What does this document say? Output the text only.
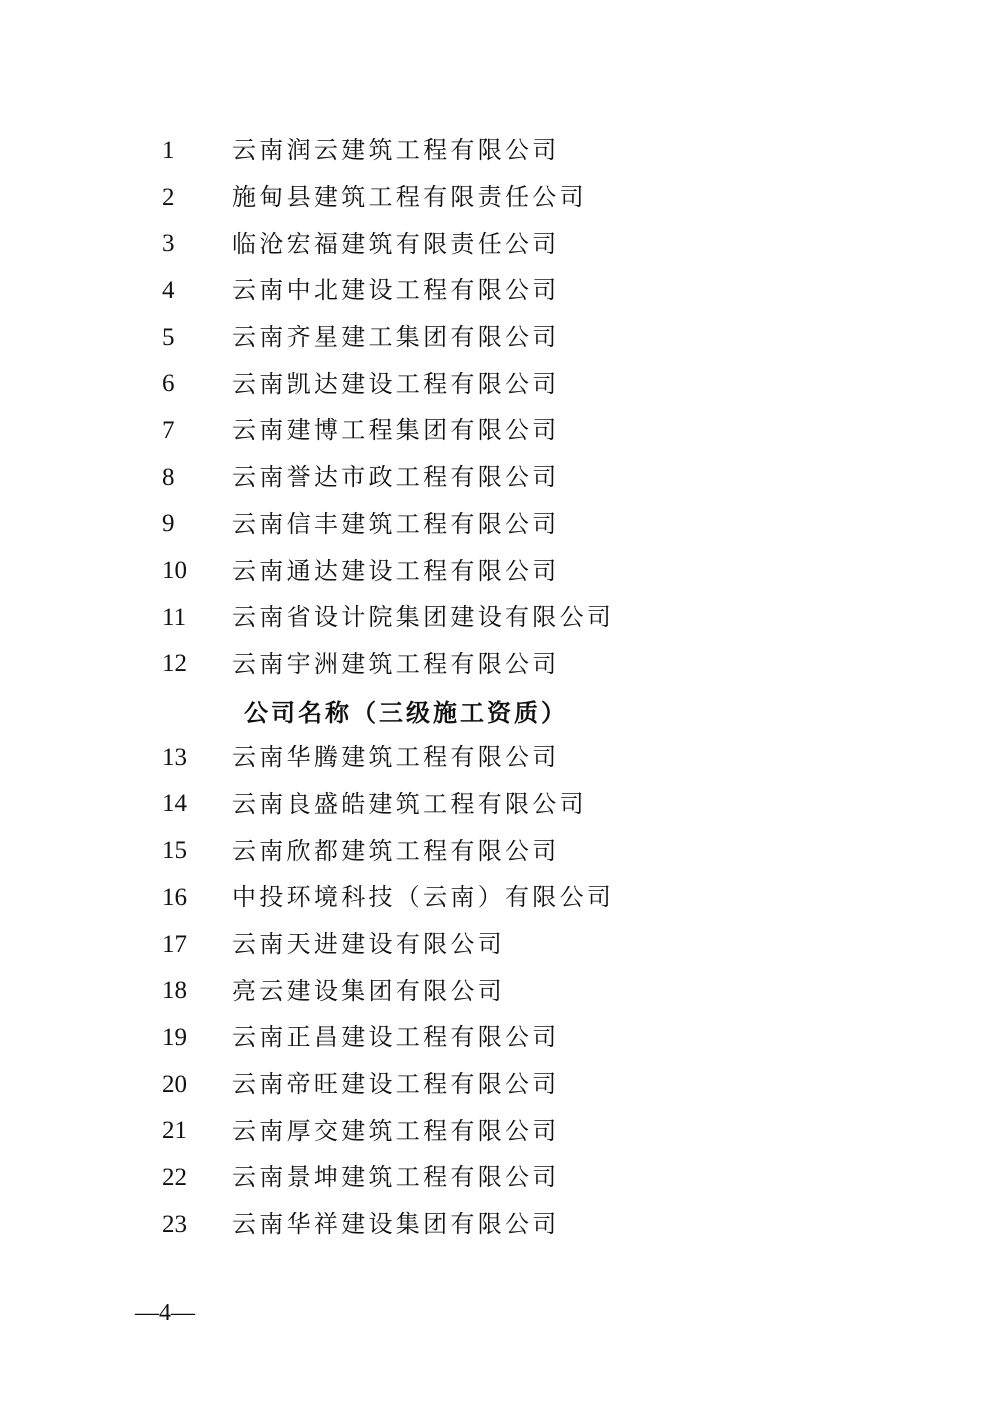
1	云南润云建筑工程有限公司
2	施甸县建筑工程有限责任公司
3	临沧宏福建筑有限责任公司
4	云南中北建设工程有限公司
5	云南齐星建工集团有限公司
6	云南凯达建设工程有限公司
7	云南建博工程集团有限公司
8	云南誉达市政工程有限公司
9	云南信丰建筑工程有限公司
10	云南通达建设工程有限公司
11	云南省设计院集团建设有限公司
12	云南宇洲建筑工程有限公司
公司名称（三级施工资质）
13	云南华腾建筑工程有限公司
14	云南良盛皓建筑工程有限公司
15	云南欣都建筑工程有限公司
16	中投环境科技（云南）有限公司
17	云南天进建设有限公司
18	亮云建设集团有限公司
19	云南正昌建设工程有限公司
20	云南帝旺建设工程有限公司
21	云南厚交建筑工程有限公司
22	云南景坤建筑工程有限公司
23	云南华祥建设集团有限公司
—4—
